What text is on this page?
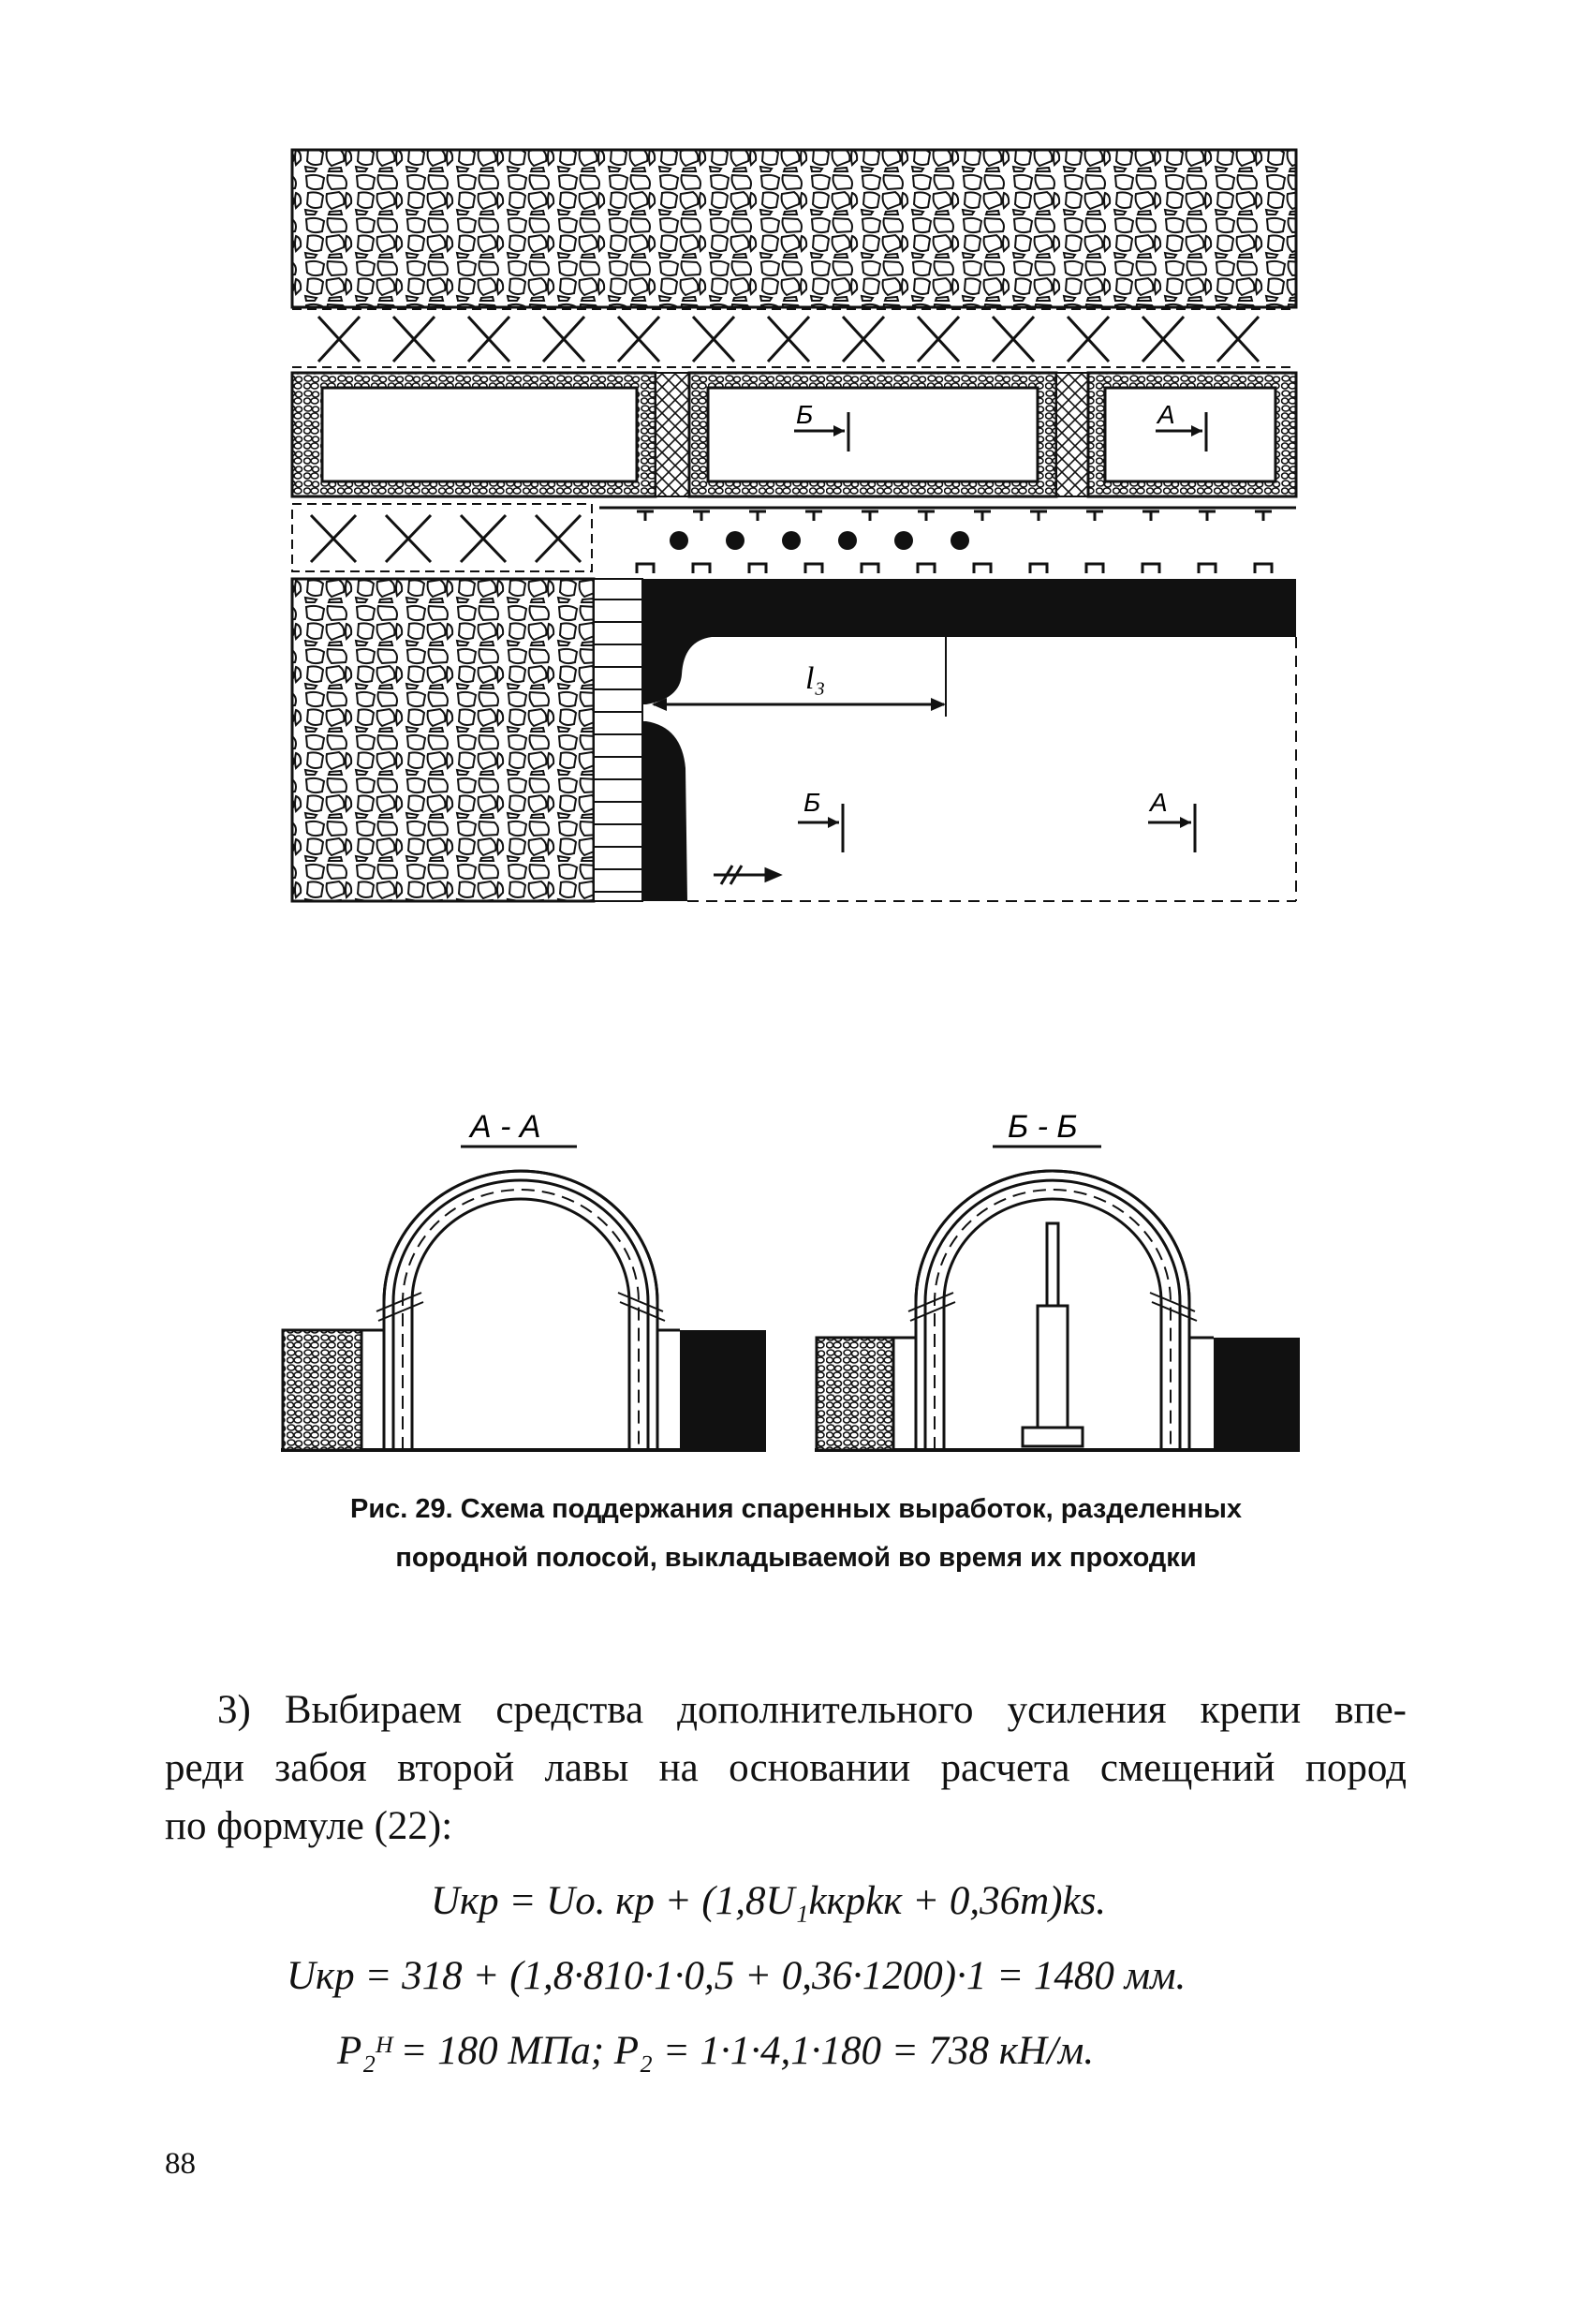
Б	А
l₃
Б	А
А - А	Б - Б
Рис. 29. Схема поддержания спаренных выработок, разделенных
породной полосой, выкладываемой во время их проходки
3) Выбираем средства дополнительного усиления крепи впе-
реди забоя второй лавы на основании расчета смещений пород
по формуле (22):
Uкр = Uо. кр + (1,8U₁kкрkк + 0,36m)ks.
Uкр = 318 + (1,8·810·1·0,5 + 0,36·1200)·1 = 1480 мм.
P₂ᴴ = 180 МПа; P₂ = 1·1·4,1·180 = 738 кН/м.
88
